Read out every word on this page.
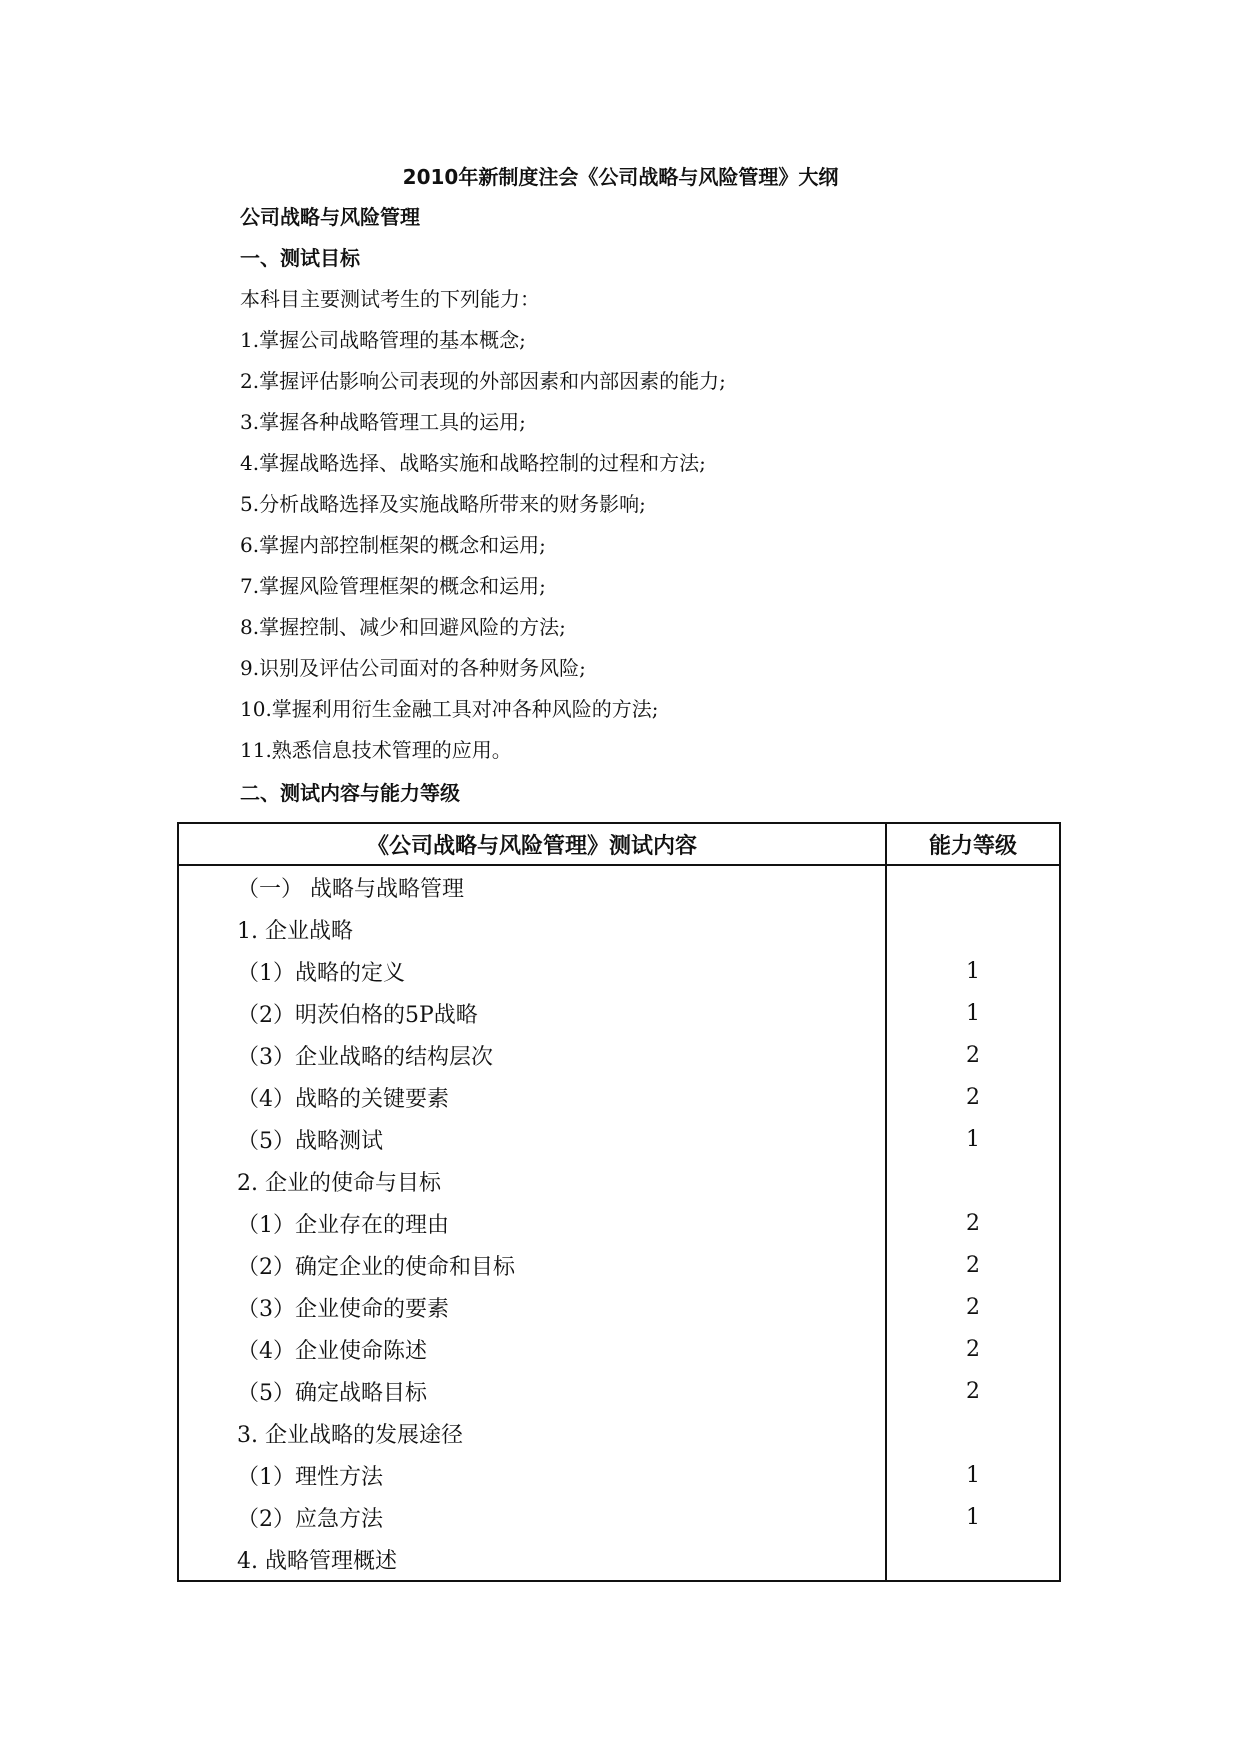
2010年新制度注会《公司战略与风险管理》大纲
公司战略与风险管理
一、测试目标
本科目主要测试考生的下列能力：
1.掌握公司战略管理的基本概念;
2.掌握评估影响公司表现的外部因素和内部因素的能力;
3.掌握各种战略管理工具的运用;
4.掌握战略选择、战略实施和战略控制的过程和方法;
5.分析战略选择及实施战略所带来的财务影响;
6.掌握内部控制框架的概念和运用;
7.掌握风险管理框架的概念和运用;
8.掌握控制、减少和回避风险的方法;
9.识别及评估公司面对的各种财务风险;
10.掌握利用衍生金融工具对冲各种风险的方法;
11.熟悉信息技术管理的应用。
二、测试内容与能力等级
《公司战略与风险管理》测试内容	能力等级
（一） 战略与战略管理	
1. 企业战略	
（1）战略的定义	1
（2）明茨伯格的5P战略	1
（3）企业战略的结构层次	2
（4）战略的关键要素	2
（5）战略测试	1
2. 企业的使命与目标	
（1）企业存在的理由	2
（2）确定企业的使命和目标	2
（3）企业使命的要素	2
（4）企业使命陈述	2
（5）确定战略目标	2
3. 企业战略的发展途径	
（1）理性方法	1
（2）应急方法	1
4. 战略管理概述	
